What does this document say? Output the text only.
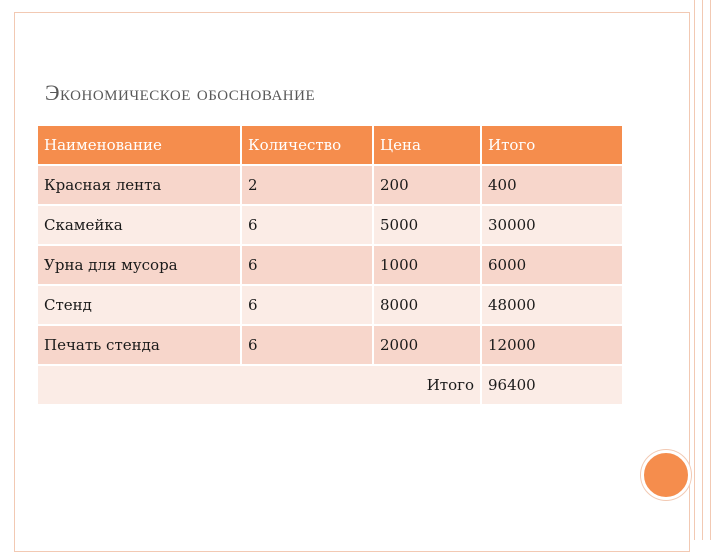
Экономическое обоснование
Наименование	Количество	Цена	Итого
Красная лента	2	200	400
Скамейка	6	5000	30000
Урна для мусора	6	1000	6000
Стенд	6	8000	48000
Печать стенда	6	2000	12000
Итого			96400
